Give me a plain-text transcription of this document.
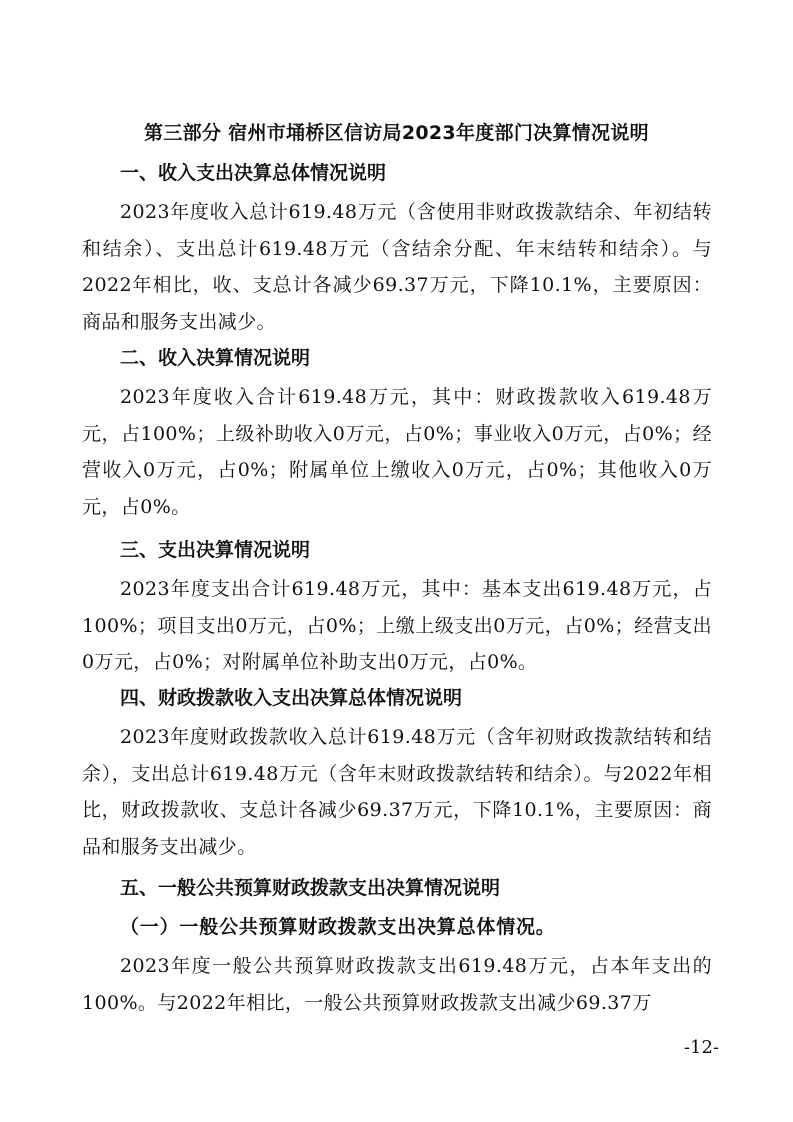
第三部分 宿州市埇桥区信访局2023年度部门决算情况说明
一、收入支出决算总体情况说明
2023年度收入总计619.48万元（含使用非财政拨款结余、年初结转和结余）、支出总计619.48万元（含结余分配、年末结转和结余）。与2022年相比，收、支总计各减少69.37万元，下降10.1%，主要原因：商品和服务支出减少。
二、收入决算情况说明
2023年度收入合计619.48万元，其中：财政拨款收入619.48万元，占100%；上级补助收入0万元，占0%；事业收入0万元，占0%；经营收入0万元，占0%；附属单位上缴收入0万元，占0%；其他收入0万元，占0%。
三、支出决算情况说明
2023年度支出合计619.48万元，其中：基本支出619.48万元，占100%；项目支出0万元，占0%；上缴上级支出0万元，占0%；经营支出0万元，占0%；对附属单位补助支出0万元，占0%。
四、财政拨款收入支出决算总体情况说明
2023年度财政拨款收入总计619.48万元（含年初财政拨款结转和结余），支出总计619.48万元（含年末财政拨款结转和结余）。与2022年相比，财政拨款收、支总计各减少69.37万元，下降10.1%，主要原因：商品和服务支出减少。
五、一般公共预算财政拨款支出决算情况说明
（一）一般公共预算财政拨款支出决算总体情况。
2023年度一般公共预算财政拨款支出619.48万元，占本年支出的100%。与2022年相比，一般公共预算财政拨款支出减少69.37万
-12-
